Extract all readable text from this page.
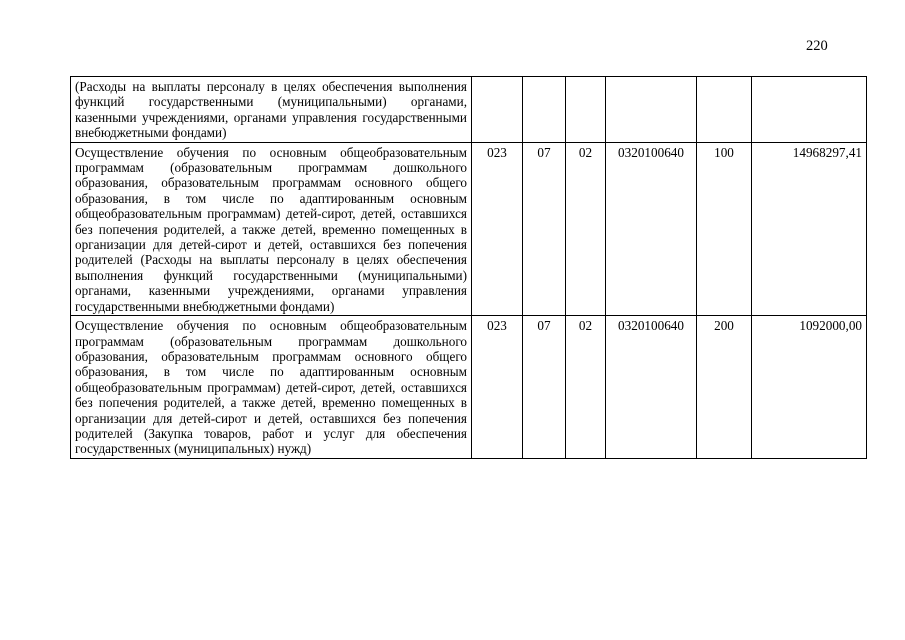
220
(Расходы на выплаты персоналу в целях обеспечения выполнения функций государственными (муниципальными) органами, казенными учреждениями, органами управления государственными внебюджетными фондами)						
Осуществление обучения по основным общеобразовательным программам (образовательным программам дошкольного образования, образовательным программам основного общего образования, в том числе по адаптированным основным общеобразовательным программам) детей-сирот, детей, оставшихся без попечения родителей, а также детей, временно помещенных в организации для детей-сирот и детей, оставшихся без попечения родителей (Расходы на выплаты персоналу в целях обеспечения выполнения функций государственными (муниципальными) органами, казенными учреждениями, органами управления государственными внебюджетными фондами)	023	07	02	0320100640	100	14968297,41
Осуществление обучения по основным общеобразовательным программам (образовательным программам дошкольного образования, образовательным программам основного общего образования, в том числе по адаптированным основным общеобразовательным программам) детей-сирот, детей, оставшихся без попечения родителей, а также детей, временно помещенных в организации для детей-сирот и детей, оставшихся без попечения родителей (Закупка товаров, работ и услуг для обеспечения государственных (муниципальных) нужд)	023	07	02	0320100640	200	1092000,00
